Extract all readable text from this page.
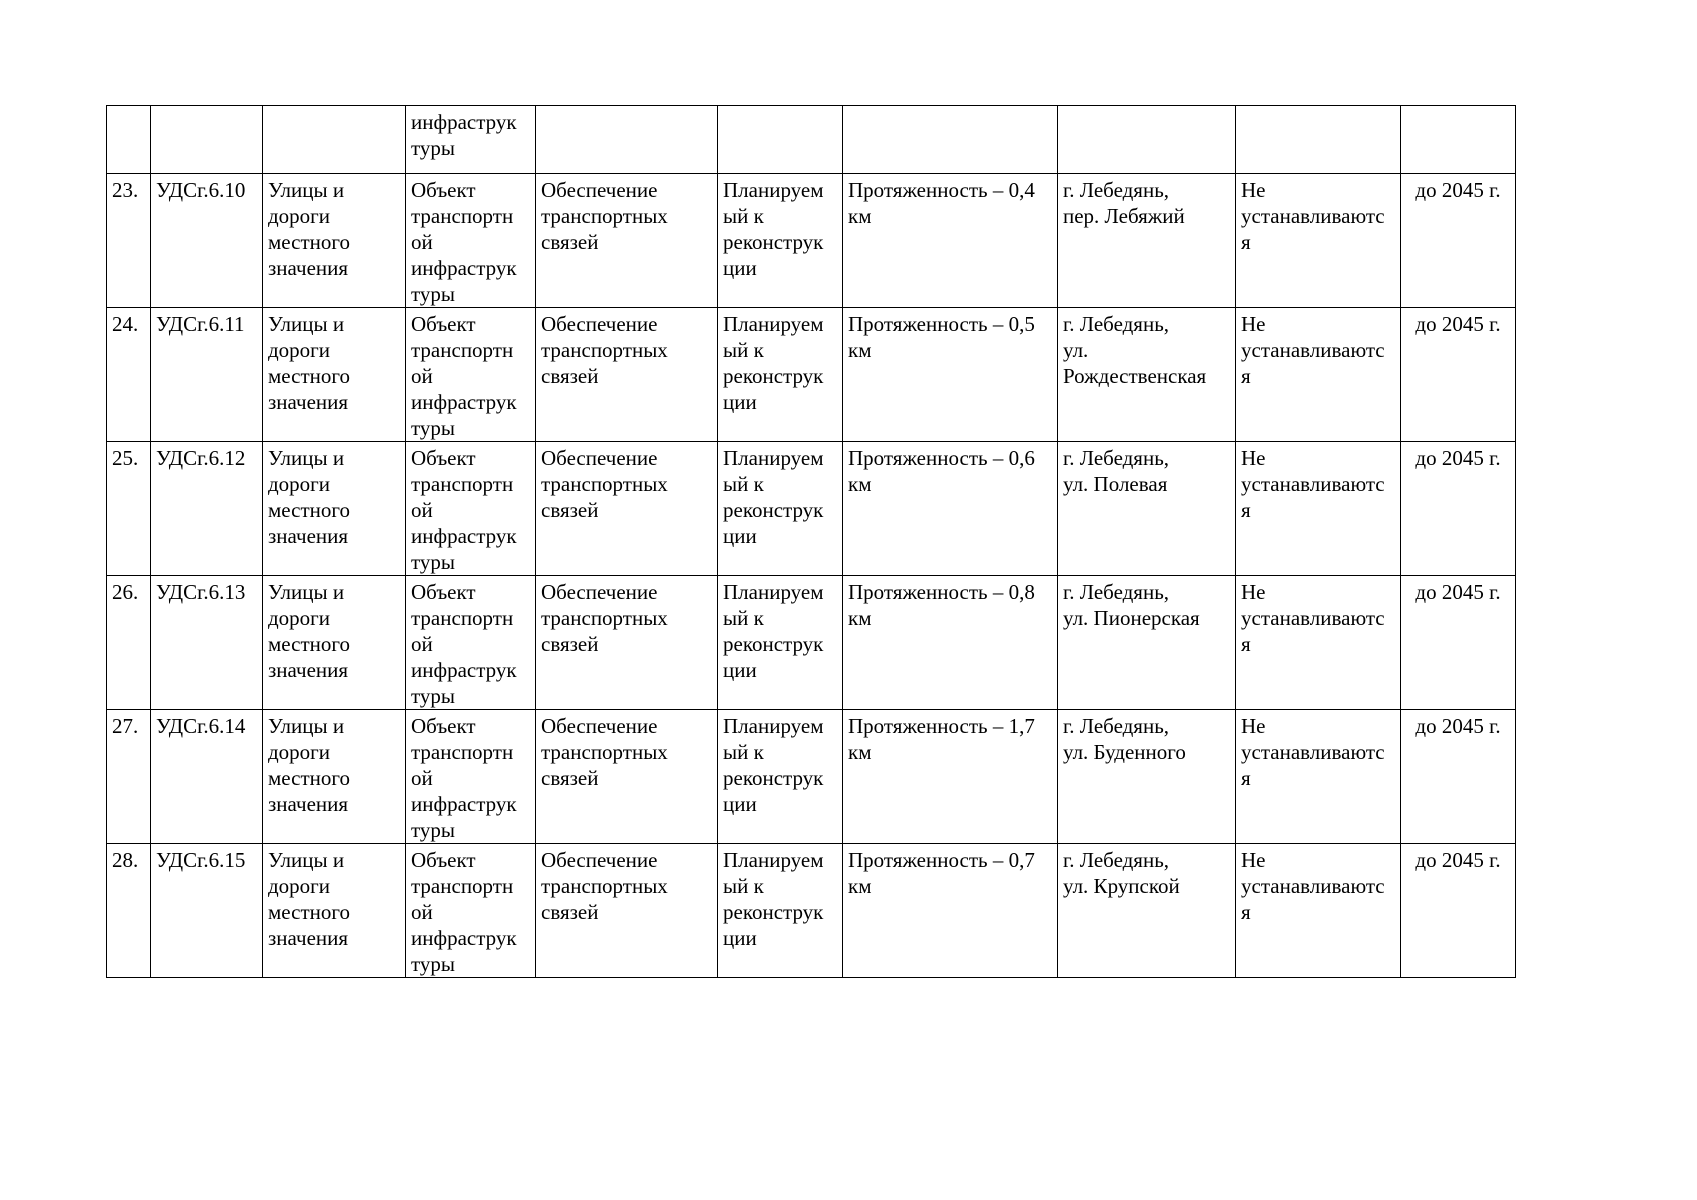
			инфраструк
туры						

23.	УДСг.6.10	Улицы и
дороги
местного
значения	Объект
транспортн
ой
инфраструк
туры	Обеспечение
транспортных
связей	Планируем
ый к
реконструк
ции	Протяженность – 0,4
км	г. Лебедянь,
пер. Лебяжий	Не
устанавливаютс
я	до 2045 г.
24.	УДСг.6.11	Улицы и
дороги
местного
значения	Объект
транспортн
ой
инфраструк
туры	Обеспечение
транспортных
связей	Планируем
ый к
реконструк
ции	Протяженность – 0,5
км	г. Лебедянь,
ул.
Рождественская	Не
устанавливаютс
я	до 2045 г.
25.	УДСг.6.12	Улицы и
дороги
местного
значения	Объект
транспортн
ой
инфраструк
туры	Обеспечение
транспортных
связей	Планируем
ый к
реконструк
ции	Протяженность – 0,6
км	г. Лебедянь,
ул. Полевая	Не
устанавливаютс
я	до 2045 г.
26.	УДСг.6.13	Улицы и
дороги
местного
значения	Объект
транспортн
ой
инфраструк
туры	Обеспечение
транспортных
связей	Планируем
ый к
реконструк
ции	Протяженность – 0,8
км	г. Лебедянь,
ул. Пионерская	Не
устанавливаютс
я	до 2045 г.
27.	УДСг.6.14	Улицы и
дороги
местного
значения	Объект
транспортн
ой
инфраструк
туры	Обеспечение
транспортных
связей	Планируем
ый к
реконструк
ции	Протяженность – 1,7
км	г. Лебедянь,
ул. Буденного	Не
устанавливаютс
я	до 2045 г.
28.	УДСг.6.15	Улицы и
дороги
местного
значения	Объект
транспортн
ой
инфраструк
туры	Обеспечение
транспортных
связей	Планируем
ый к
реконструк
ции	Протяженность – 0,7
км	г. Лебедянь,
ул. Крупской	Не
устанавливаютс
я	до 2045 г.
